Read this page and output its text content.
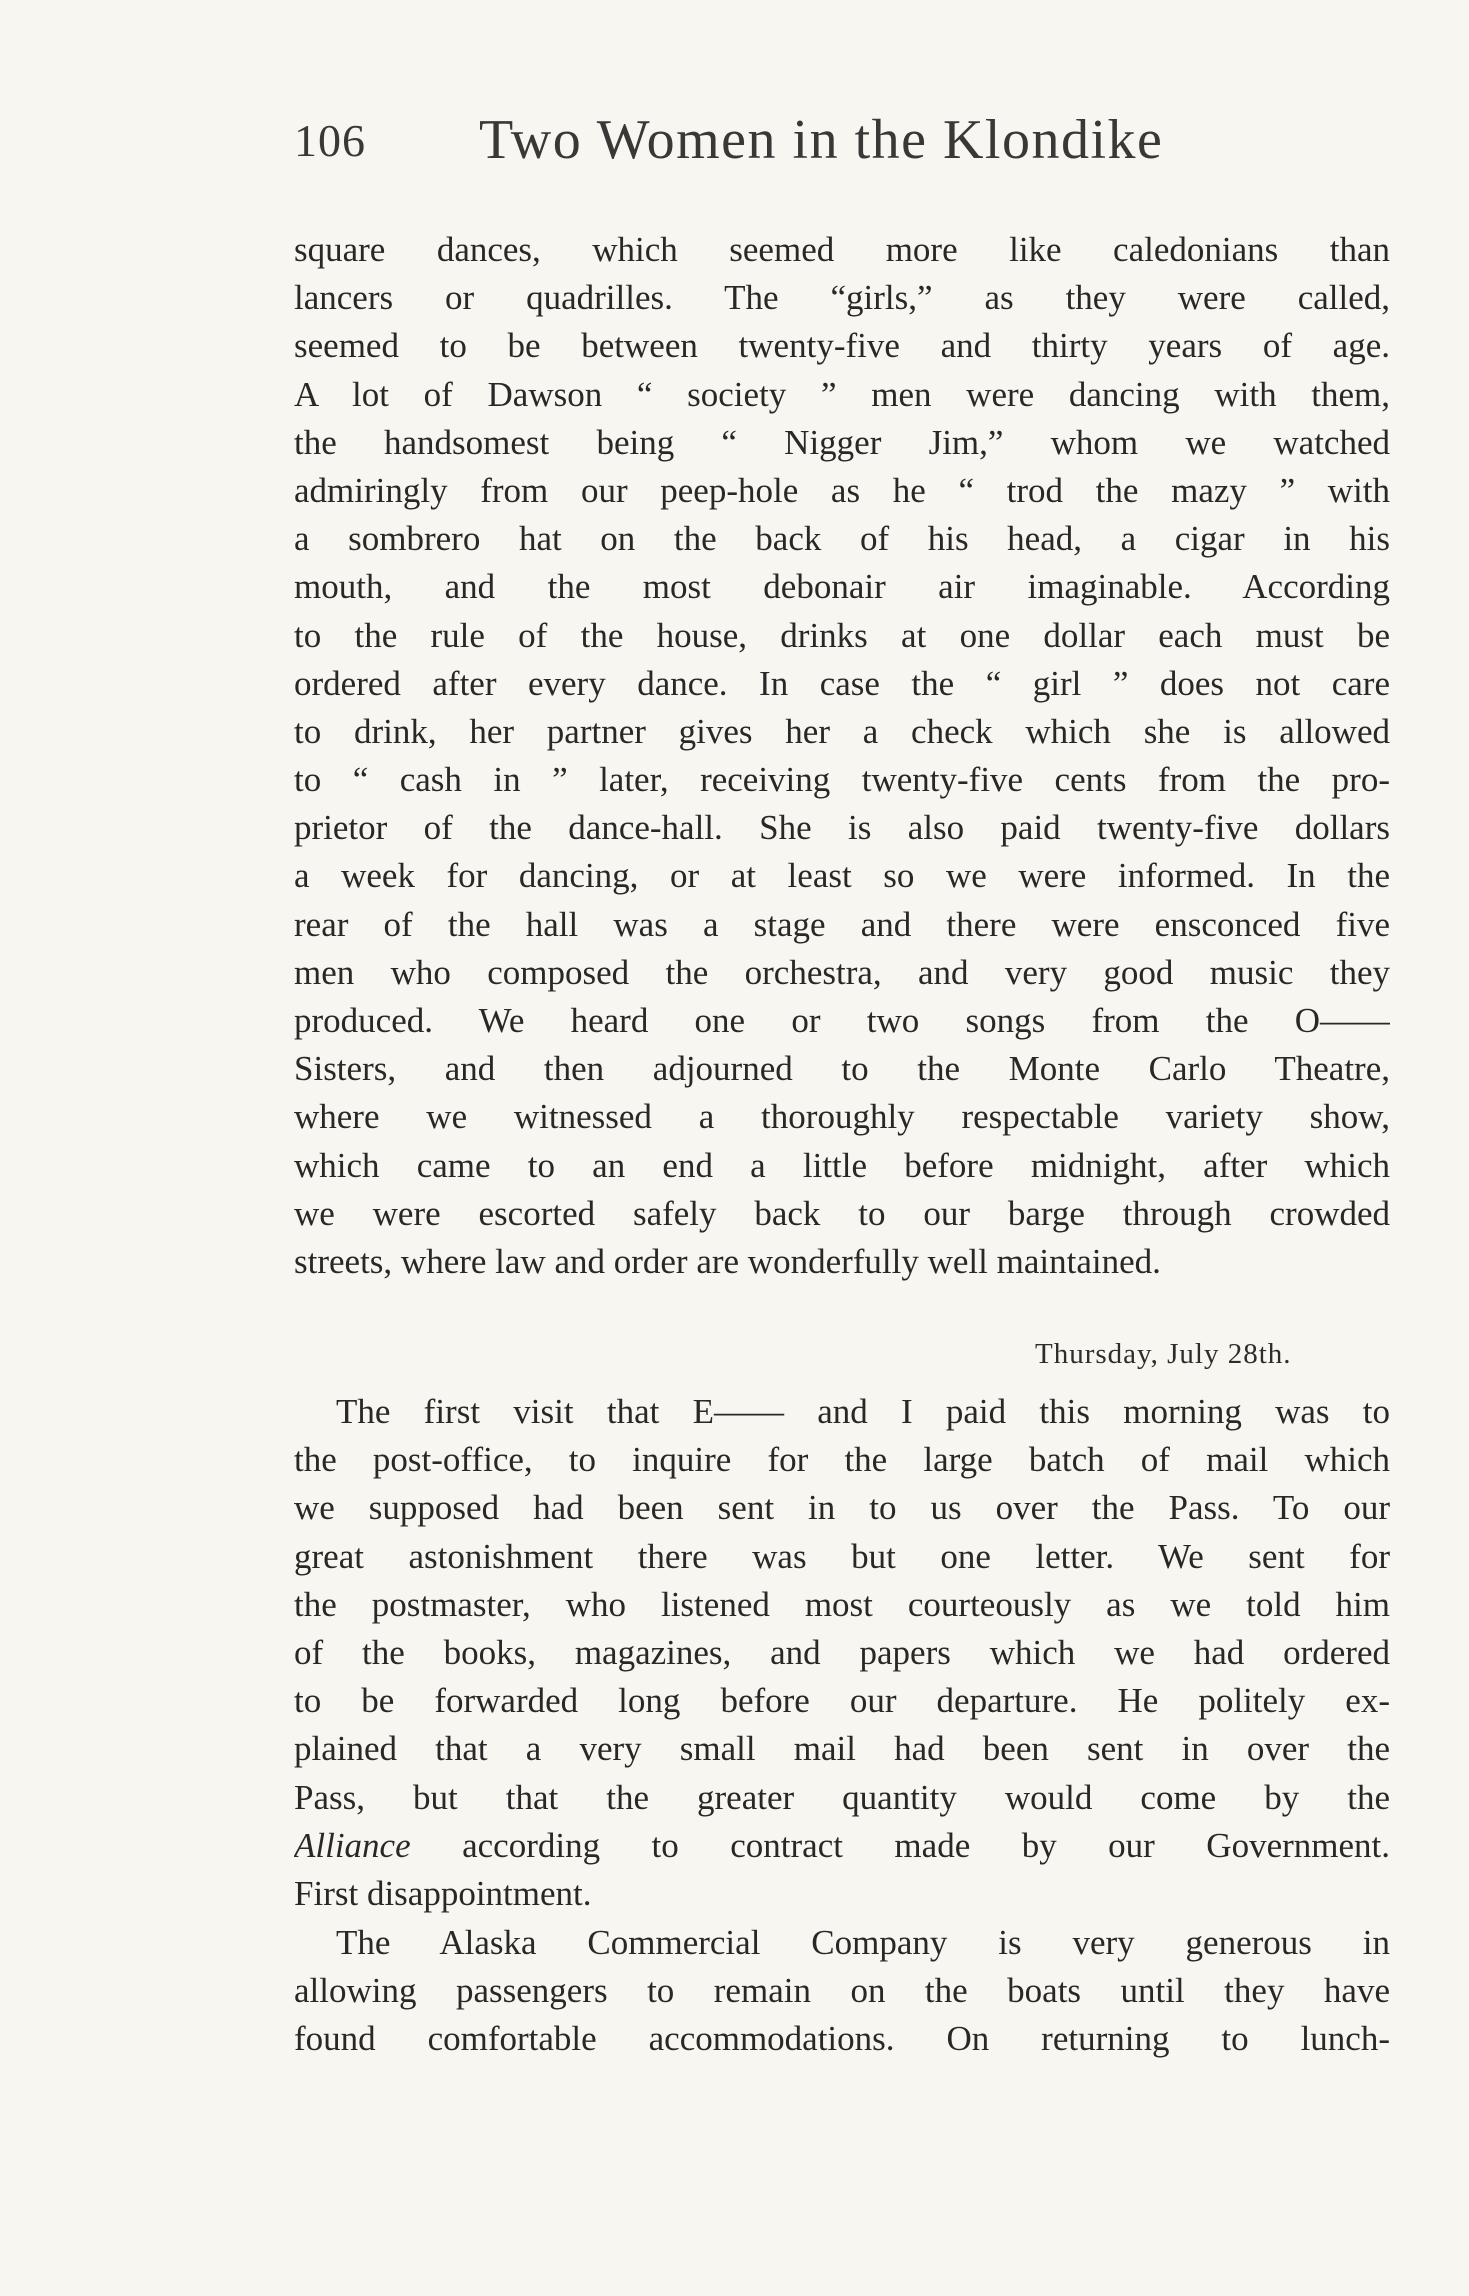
106 Two Women in the Klondike
square dances, which seemed more like caledonians than
lancers or quadrilles. The “girls,” as they were called,
seemed to be between twenty-five and thirty years of age.
A lot of Dawson “ society ” men were dancing with them,
the handsomest being “ Nigger Jim,” whom we watched
admiringly from our peep-hole as he “ trod the mazy ” with
a sombrero hat on the back of his head, a cigar in his
mouth, and the most debonair air imaginable. According
to the rule of the house, drinks at one dollar each must be
ordered after every dance. In case the “ girl ” does not care
to drink, her partner gives her a check which she is allowed
to “ cash in ” later, receiving twenty-five cents from the pro-
prietor of the dance-hall. She is also paid twenty-five dollars
a week for dancing, or at least so we were informed. In the
rear of the hall was a stage and there were ensconced five
men who composed the orchestra, and very good music they
produced. We heard one or two songs from the O——
Sisters, and then adjourned to the Monte Carlo Theatre,
where we witnessed a thoroughly respectable variety show,
which came to an end a little before midnight, after which
we were escorted safely back to our barge through crowded
streets, where law and order are wonderfully well maintained.
Thursday, July 28th.
The first visit that E—— and I paid this morning was to
the post-office, to inquire for the large batch of mail which
we supposed had been sent in to us over the Pass. To our
great astonishment there was but one letter. We sent for
the postmaster, who listened most courteously as we told him
of the books, magazines, and papers which we had ordered
to be forwarded long before our departure. He politely ex-
plained that a very small mail had been sent in over the
Pass, but that the greater quantity would come by the
Alliance according to contract made by our Government.
First disappointment.
The Alaska Commercial Company is very generous in
allowing passengers to remain on the boats until they have
found comfortable accommodations. On returning to lunch-
